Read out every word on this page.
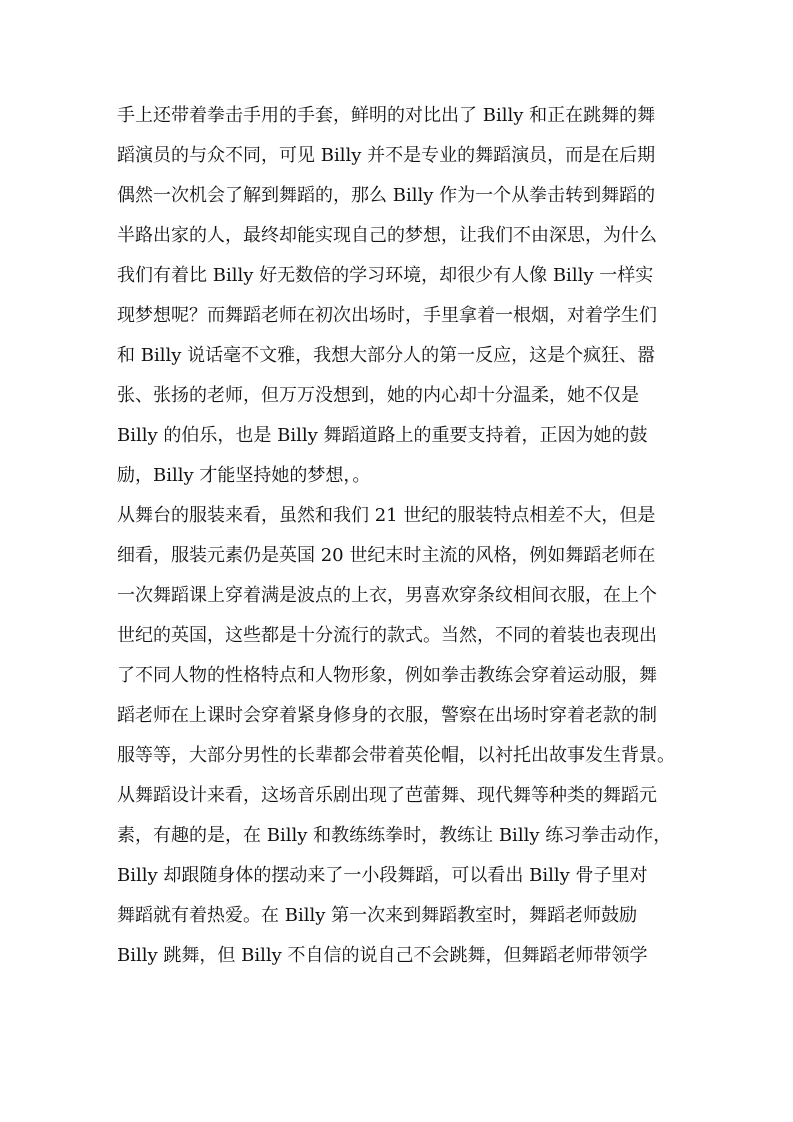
手上还带着拳击手用的手套，鲜明的对比出了 Billy 和正在跳舞的舞
蹈演员的与众不同，可见 Billy 并不是专业的舞蹈演员，而是在后期
偶然一次机会了解到舞蹈的，那么 Billy 作为一个从拳击转到舞蹈的
半路出家的人，最终却能实现自己的梦想，让我们不由深思，为什么
我们有着比 Billy 好无数倍的学习环境，却很少有人像 Billy 一样实
现梦想呢？而舞蹈老师在初次出场时，手里拿着一根烟，对着学生们
和 Billy 说话毫不文雅，我想大部分人的第一反应，这是个疯狂、嚣
张、张扬的老师，但万万没想到，她的内心却十分温柔，她不仅是
Billy 的伯乐，也是 Billy 舞蹈道路上的重要支持着，正因为她的鼓
励，Billy 才能坚持她的梦想，。
从舞台的服装来看，虽然和我们 21 世纪的服装特点相差不大，但是
细看，服装元素仍是英国 20 世纪末时主流的风格，例如舞蹈老师在
一次舞蹈课上穿着满是波点的上衣，男喜欢穿条纹相间衣服，在上个
世纪的英国，这些都是十分流行的款式。当然，不同的着装也表现出
了不同人物的性格特点和人物形象，例如拳击教练会穿着运动服，舞
蹈老师在上课时会穿着紧身修身的衣服，警察在出场时穿着老款的制
服等等，大部分男性的长辈都会带着英伦帽，以衬托出故事发生背景。
从舞蹈设计来看，这场音乐剧出现了芭蕾舞、现代舞等种类的舞蹈元
素，有趣的是，在 Billy 和教练练拳时，教练让 Billy 练习拳击动作，
Billy 却跟随身体的摆动来了一小段舞蹈，可以看出 Billy 骨子里对
舞蹈就有着热爱。在 Billy 第一次来到舞蹈教室时，舞蹈老师鼓励
Billy 跳舞，但 Billy 不自信的说自己不会跳舞，但舞蹈老师带领学
